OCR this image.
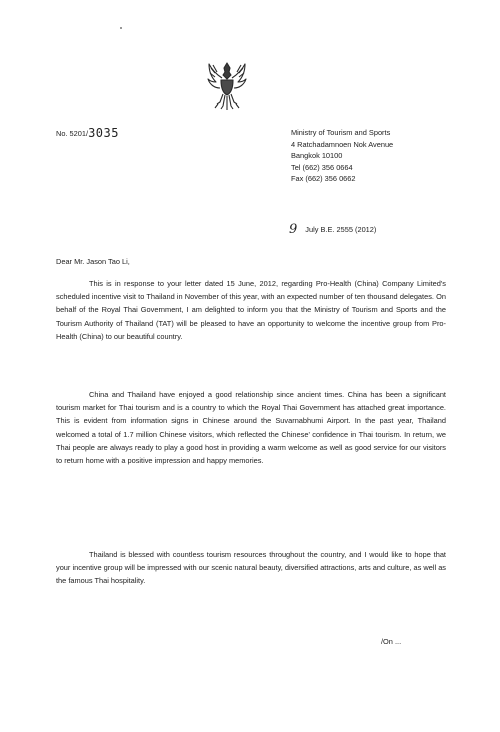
No. 5201/3035	Ministry of Tourism and Sports
4 Ratchadamnoen Nok Avenue
Bangkok 10100
Tel (662) 356 0664
Fax (662) 356 0662
9 July B.E. 2555 (2012)
Dear Mr. Jason Tao Li,

This is in response to your letter dated 15 June, 2012, regarding Pro-Health (China) Company Limited's scheduled incentive visit to Thailand in November of this year, with an expected number of ten thousand delegates. On behalf of the Royal Thai Government, I am delighted to inform you that the Ministry of Tourism and Sports and the Tourism Authority of Thailand (TAT) will be pleased to have an opportunity to welcome the incentive group from Pro-Health (China) to our beautiful country.

China and Thailand have enjoyed a good relationship since ancient times. China has been a significant tourism market for Thai tourism and is a country to which the Royal Thai Government has attached great importance. This is evident from information signs in Chinese around the Suvarnabhumi Airport. In the past year, Thailand welcomed a total of 1.7 million Chinese visitors, which reflected the Chinese' confidence in Thai tourism. In return, we Thai people are always ready to play a good host in providing a warm welcome as well as good service for our visitors to return home with a positive impression and happy memories.

Thailand is blessed with countless tourism resources throughout the country, and I would like to hope that your incentive group will be impressed with our scenic natural beauty, diversified attractions, arts and culture, as well as the famous Thai hospitality.

/On ...
